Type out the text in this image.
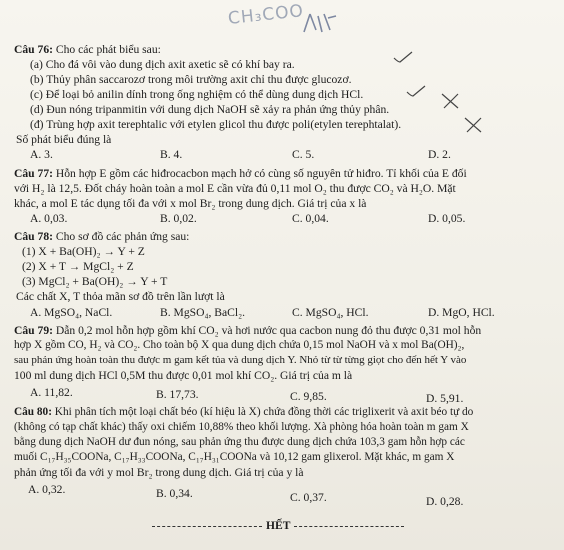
CH₃COO
Câu 76: Cho các phát biểu sau:
(a) Cho đá vôi vào dung dịch axit axetic sẽ có khí bay ra.
(b) Thủy phân saccarozơ trong môi trường axit chỉ thu được glucozơ.
(c) Để loại bỏ anilin dính trong ống nghiệm có thể dùng dung dịch HCl.
(d) Đun nóng tripanmitin với dung dịch NaOH sẽ xảy ra phản ứng thủy phân.
(đ) Trùng hợp axit terephtalic với etylen glicol thu được poli(etylen terephtalat).
Số phát biểu đúng là
A. 3.	B. 4.	C. 5.	D. 2.
Câu 77: Hỗn hợp E gồm các hiđrocacbon mạch hở có cùng số nguyên tử hiđro. Tỉ khối của E đối
với H₂ là 12,5. Đốt cháy hoàn toàn a mol E cần vừa đủ 0,11 mol O₂ thu được CO₂ và H₂O. Mặt
khác, a mol E tác dụng tối đa với x mol Br₂ trong dung dịch. Giá trị của x là
A. 0,03.	B. 0,02.	C. 0,04.	D. 0,05.
Câu 78: Cho sơ đồ các phản ứng sau:
(1) X + Ba(OH)₂ → Y + Z
(2) X + T → MgCl₂ + Z
(3) MgCl₂ + Ba(OH)₂ → Y + T
Các chất X, T thỏa mãn sơ đồ trên lần lượt là
A. MgSO₄, NaCl.	B. MgSO₄, BaCl₂.	C. MgSO₄, HCl.	D. MgO, HCl.
Câu 79: Dẫn 0,2 mol hỗn hợp gồm khí CO₂ và hơi nước qua cacbon nung đỏ thu được 0,31 mol hỗn
hợp X gồm CO, H₂ và CO₂. Cho toàn bộ X qua dung dịch chứa 0,15 mol NaOH và x mol Ba(OH)₂,
sau phản ứng hoàn toàn thu được m gam kết tủa và dung dịch Y. Nhỏ từ từ từng giọt cho đến hết Y vào
100 ml dung dịch HCl 0,5M thu được 0,01 mol khí CO₂. Giá trị của m là
A. 11,82.	B. 17,73.	C. 9,85.	D. 5,91.
Câu 80: Khi phân tích một loại chất béo (kí hiệu là X) chứa đồng thời các triglixerit và axit béo tự do
(không có tạp chất khác) thấy oxi chiếm 10,88% theo khối lượng. Xà phòng hóa hoàn toàn m gam X
bằng dung dịch NaOH dư đun nóng, sau phản ứng thu được dung dịch chứa 103,3 gam hỗn hợp các
muối C₁₇H₃₅COONa, C₁₇H₃₃COONa, C₁₇H₃₁COONa và 10,12 gam glixerol. Mặt khác, m gam X
phản ứng tối đa với y mol Br₂ trong dung dịch. Giá trị của y là
A. 0,32.	B. 0,34.	C. 0,37.	D. 0,28.
HẾT
